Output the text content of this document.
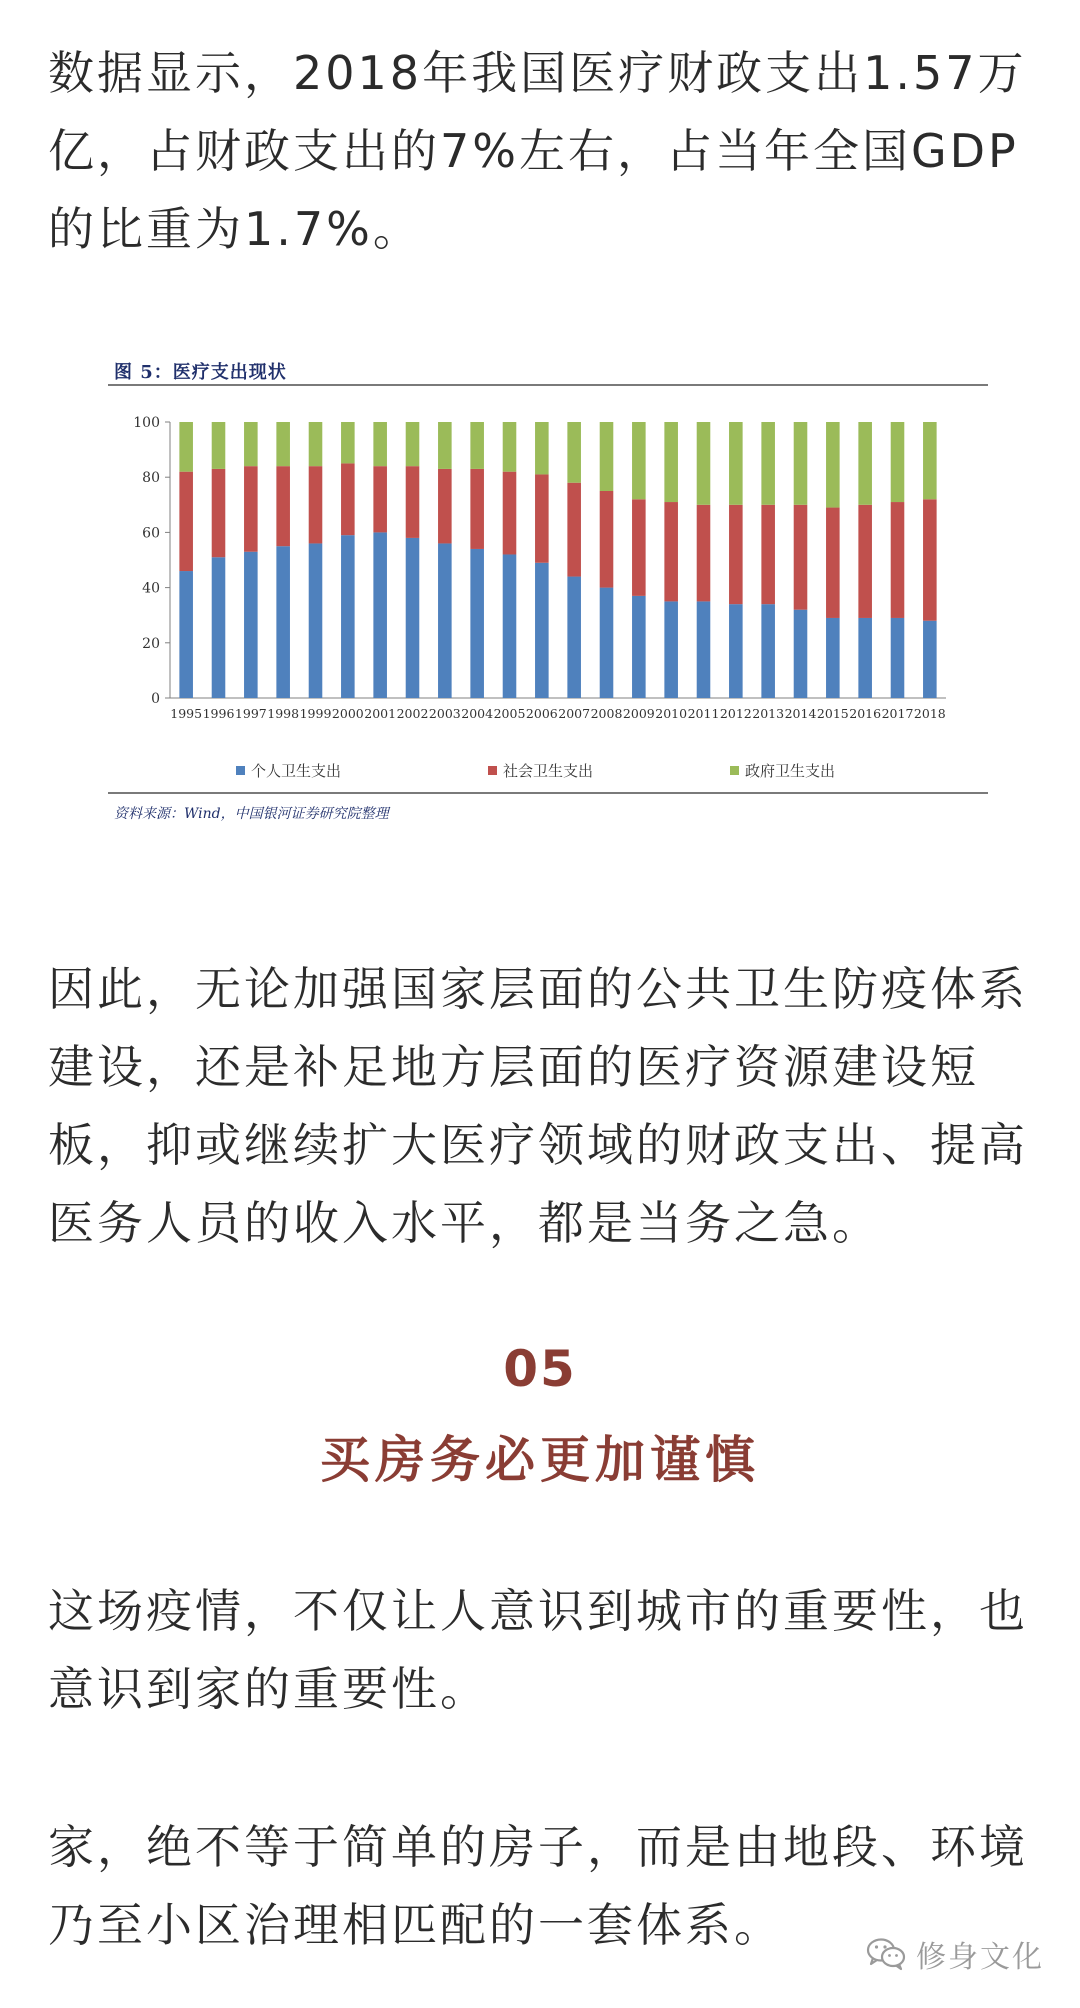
数据显示，2018年我国医疗财政支出1.57万
亿，占财政支出的7%左右，占当年全国GDP
的比重为1.7%。

图 5：医疗支出现状
0
20
40
60
80
100
1995 1996 1997 1998 1999 2000 2001 2002 2003 2004 2005 2006 2007 2008 2009 2010 2011 2012 2013 2014 2015 2016 2017 2018
个人卫生支出	社会卫生支出	政府卫生支出
资料来源：Wind，中国银河证券研究院整理

因此，无论加强国家层面的公共卫生防疫体系
建设，还是补足地方层面的医疗资源建设短
板，抑或继续扩大医疗领域的财政支出、提高
医务人员的收入水平，都是当务之急。

05
买房务必更加谨慎

这场疫情，不仅让人意识到城市的重要性，也
意识到家的重要性。

家，绝不等于简单的房子，而是由地段、环境
乃至小区治理相匹配的一套体系。

修身文化
